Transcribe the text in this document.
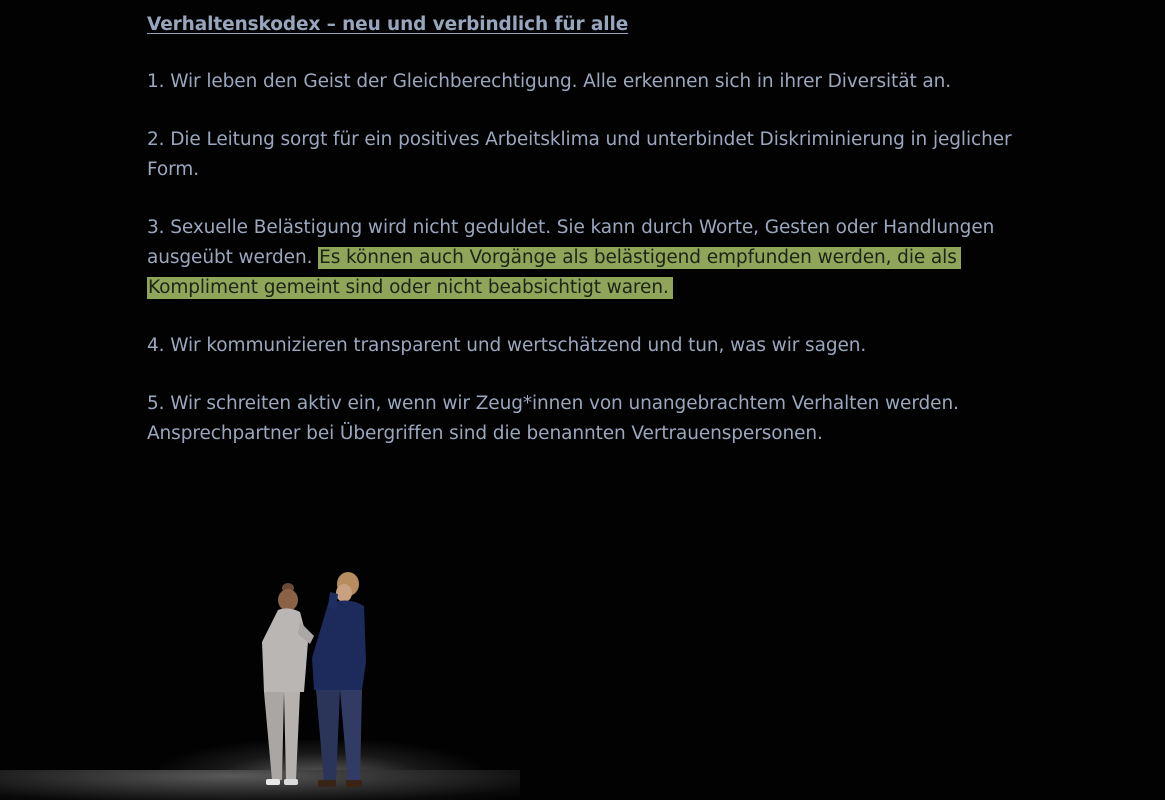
Verhaltenskodex – neu und verbindlich für alle
1. Wir leben den Geist der Gleichberechtigung. Alle erkennen sich in ihrer Diversität an.
2. Die Leitung sorgt für ein positives Arbeitsklima und unterbindet Diskriminierung in jeglicher Form.
3. Sexuelle Belästigung wird nicht geduldet. Sie kann durch Worte, Gesten oder Handlungen ausgeübt werden. Es können auch Vorgänge als belästigend empfunden werden, die als Kompliment gemeint sind oder nicht beabsichtigt waren.
4. Wir kommunizieren transparent und wertschätzend und tun, was wir sagen.
5. Wir schreiten aktiv ein, wenn wir Zeug*innen von unangebrachtem Verhalten werden. Ansprechpartner bei Übergriffen sind die benannten Vertrauenspersonen.
